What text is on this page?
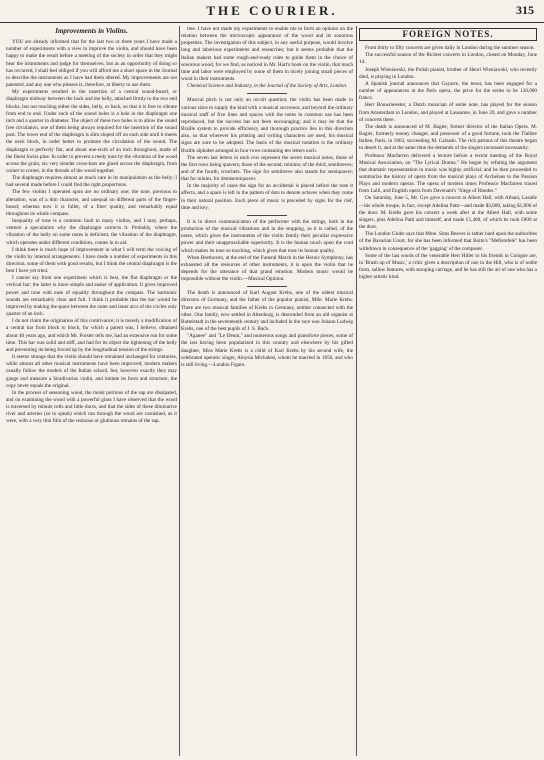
THE COURIER.	315
Improvements in Violins.

YOU are already informed that for the last two or three years I have made a number of experiments with a view to improve the violin, and should have been happy to make the result before a meeting of the society in order that they might hear the instruments and judge for themselves, but as an opportunity of doing so has occurred, I shall feel obliged if you will afford me a short space in the Journal to describe the instruments as I have had them altered. My improvements are not patented, and any one who pleases is, therefore, at liberty to use them.

My experiments resulted in the insertion of a central sound-board, or diaphragm midway between the back and the belly, attached firmly to the two end blocks, but not touching either the sides, belly, or back, so that it is free to vibrate from end to end. Under each of the sound holes is a hole in the diaphragm one inch and a quarter in diameter. The object of these two holes is to allow the sound free circulation, one of them being always required for the insertion of the sound post. The lower end of the diaphragm is slim sloped off on each side until it meets the neck block, in order better to promote the circulation of the sound. The diaphragm is perfectly flat, and about one-sixth of an inch throughout, made of the finest Swiss pine. In order to prevent a reedy tone by the vibration of the wood across the grain, six very slender cross-bars are glued across the diaphragm, from corner to corner, in the threads of the wood together.

The diaphragm requires almost as much care in its manipulation as the belly; I had several made before I could find the right proportions.

The few violins I operated upon are no ordinary one; the tone, previous to alteration, was of a thin character, and unequal on different parts of the finger-board; whereas now it is fuller, of a finer quality, and remarkably equal throughout its whole compass.

Inequality of tone is a common fault in many violins, and I may, perhaps, venture a speculation why the diaphragm corrects it. Probably, where the vibration of the belly on some notes is deficient, the vibration of the diaphragm, which operates under different conditions, comes in to aid.

I think there is much hope of improvement in what I will term the voicing of the violin by internal arrangements. I have made a number of experiments in this direction, some of them with good results, but I think the central diaphragm is the best I have yet tried.

I cannot say from one experiment which is best, the flat diaphragm or the vertical bar; the latter is more simple and easier of application. It gives improved power and tone with ease of equality throughout the compass. The harmonic sounds are remarkably clear and full. I think it probable that the bar would be improved by making the space between the outer and inner arcs of the circles only quarter of an inch.

I do not claim the origination of this contrivance; it is merely a modification of a central bar from block to block, for which a patent was, I believe, obtained about 40 years ago, and which Mr. Forster tells me, had an extensive run for some time. This bar was solid and stiff, and had for its object the tightening of the belly and preventing its being forced up by the longitudinal tension of the strings.

It seems strange that the violin should have remained unchanged for centuries, while almost all other musical instruments have been improved; modern makers usually follow the models of the Italian school, but, however exactly they may gauge and measure a Stradivarius violin, and imitate its form and structure, the copy never equals the original.

In the process of seasoning wood, the moist portions of the sap are dissipated, and on examining the wood with a powerful glass I have observed that the wood is traversed by minute cells and little ducts, and that the sides of these diminutive river and arteries (so to speak) which run through the wood are varnished, as it were, with a very thin film of the resinous or glutinous remains of the sap.

tree. I have not made my experiments to enable me to form an opinion on the relation between the microscopic appearance of the wood and its sonorous properties. The investigation of this subject, in any useful purpose, would involve long and laborious experiments and researches; but it seems probable that the Italian makers had some rough-and-ready rules to guide them in the choice of sonorous wood, for we find, as noticed in Mr. Hart's book on the violin, that much time and labor were employed by some of them in nicely joining small pieces of wood in their instruments.

Chemical Science and Industry, in the Journal of the Society of Arts, London.

Musical pitch is not only an occult question; the violin has been made in various sizes to supply the kind with a musical successor, and beyond the ordinary musical staff of five lines and spaces with the notes in common use has been reproduced, but the success has not been encouraging; and it may be that the Braille system to provide efficiency and thorough practice lies in this direction also, so that wherever his printing and writing characters are used, his musical signs are sure to be adopted. The basis of the musical notation is the ordinary Braille alphabet arranged in four rows containing ten letters each.

The seven last letters in each row represent the seven musical notes, those of the first rows being quavers; those of the second, minims; of the third, semibreves; and of the fourth, crotchets. The sign for semibreve also stands for semiquaver; that for minim, for demisemiquaver.

In the majority of cases the sign for an accidental is placed before the note it affects, and a space is left in the pattern of dots to denote octaves when they come in their natural position. Each piece of music is preceded by signs for the clef, time and key.

It is in direct communication of the performer with the strings, both in the production of the musical vibrations and in the stopping, as it is called, of the notes, which gives the instruments of the violin family their peculiar expressive power and their unapproachable superiority. It is the human touch upon the cord which makes its tone so touching, which gives that tone its human quality.

When Beethoven, at the end of the Funeral March in the Heroic Symphony, has exhausted all the resources of other instruments, it is upon the violin that he depends for the utterance of that grand emotion. Modern music would be impossible without the violin.—Musical Opinion.

The death is announced of Karl August Krebs, one of the oldest musical directors of Germany, and the father of the popular pianist, Mlle. Marie Krebs. There are two musical families of Krebs in Germany, neither connected with the other. One family, now settled in Altenburg, is descended from an old organist at Buttelstadt in the seventeenth century and included in the race was Johann Ludwig Krebs, one of the best pupils of J. S. Bach.

"Aganee" and "Le Deum," and numerous songs and pianoforte pieces, some of the last having been popularized in this country and elsewhere by his gifted daughter, Miss Marie Krebs is a child of Karl Krebs by his second wife, the celebrated operatic singer, Aloysia Michalesi, whom he married in 1850, and who is still living.—London Figaro.

FOREIGN NOTES.

From thirty to fifty concerts are given daily in London during the summer season.

The successful season of the Richter concerts in London, closed on Monday, June 14.

Joseph Wieniawski, the Polish pianist, brother of Henri Wieniawski, who recently died, is playing in London.

A Spanish journal announces that Gayarre, the tenor, has been engaged for a number of appearances at the Paris opera, the price for the series to be 120,000 francs.

Herr Bouwmeester, a Dutch musician of some note, has played for the season from Amsterdam to London, and played at Lausanne, in June 20, and gave a number of concerts there.

The death is announced of M. Bagier, former director of the Italian Opera. M. Bagier, formerly money changer, and possessor of a good fortune, took the Théâtre Italien, Paris, in 1863, succeeding M. Calzado. The rich patrons of this theatre began to desert it, and at the same time the demands of the singers increased incessantly.

Professor Macfarren delivered a lecture before a recent meeting of the Royal Musical Association, on "The Lyrical Drama." He began by refuting the argument that dramatic representation in music was highly artificial, and he then proceeded to summarize the history of opera from the musical plays of Archelaus to the Passion Plays and modern operas. The opera of modern times Professor Macfarren traced from Lulli, and English opera from Davenant's "Siege of Rhodes."

On Saturday, June 5, Mr. Gye gave a concert at Albert Hall, with Albani, Lasalle—his whole troupe, in fact, except Adelina Patti—and made $3,680, taking $1,800 of the door. M. Krebs gave his concert a week after at the Albert Hall, with some singers, plus Adelina Patti and himself, and made £1,400, of which he took £800 at the door.

The London Globe says that Mme. Sims Reeves is rather hard upon the authorities of the Bavarian Court, for she has been informed that Boito's "Mefistofele" has been withdrawn in consequence of the 'gagging' of the composer.

Some of the last words of the venerable Herr Hiller to his friends in Cologne are, in 'Brush up of Music,' a critic gives a description of one in the Hill, who is of noble form, sallow features, with stooping carriage, and he has still the air of one who has a higher artistic kind.
